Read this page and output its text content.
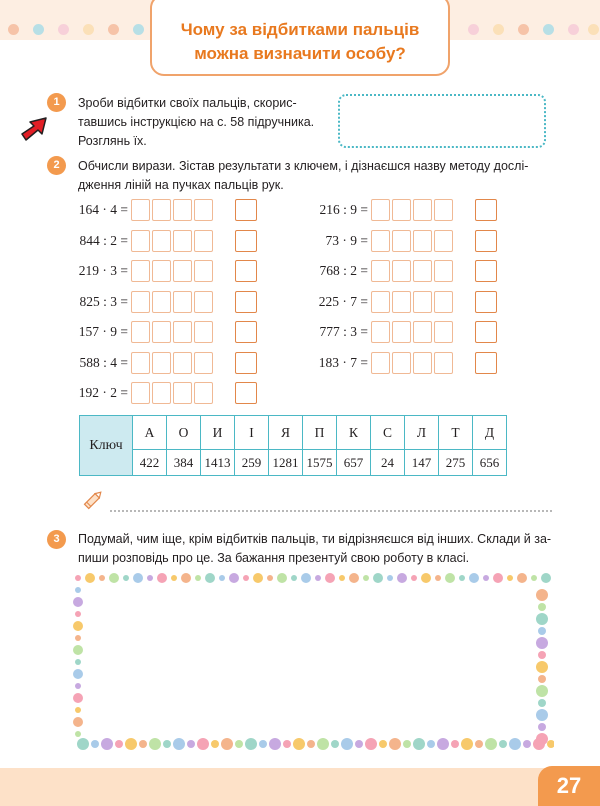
Чому за відбитками пальців
можна визначити особу?
1	Зроби відбитки своїх пальців, скорис-
тавшись інструкцією на с. 58 підручника.
Розглянь їх.
2	Обчисли вирази. Зістав результати з ключем, і дізнаєшся назву методу дослі-
дження ліній на пучках пальців рук.
164 · 4 =
844 : 2 =
219 · 3 =
825 : 3 =
157 · 9 =
588 : 4 =
192 · 2 =
216 : 9 =
73 · 9 =
768 : 2 =
225 · 7 =
777 : 3 =
183 · 7 =
Ключ	А	О	И	І	Я	П	К	С	Л	Т	Д
	422	384	1413	259	1281	1575	657	24	147	275	656
3	Подумай, чим іще, крім відбитків пальців, ти відрізняєшся від інших. Склади й за-
пиши розповідь про це. За бажання презентуй свою роботу в класі.
27
